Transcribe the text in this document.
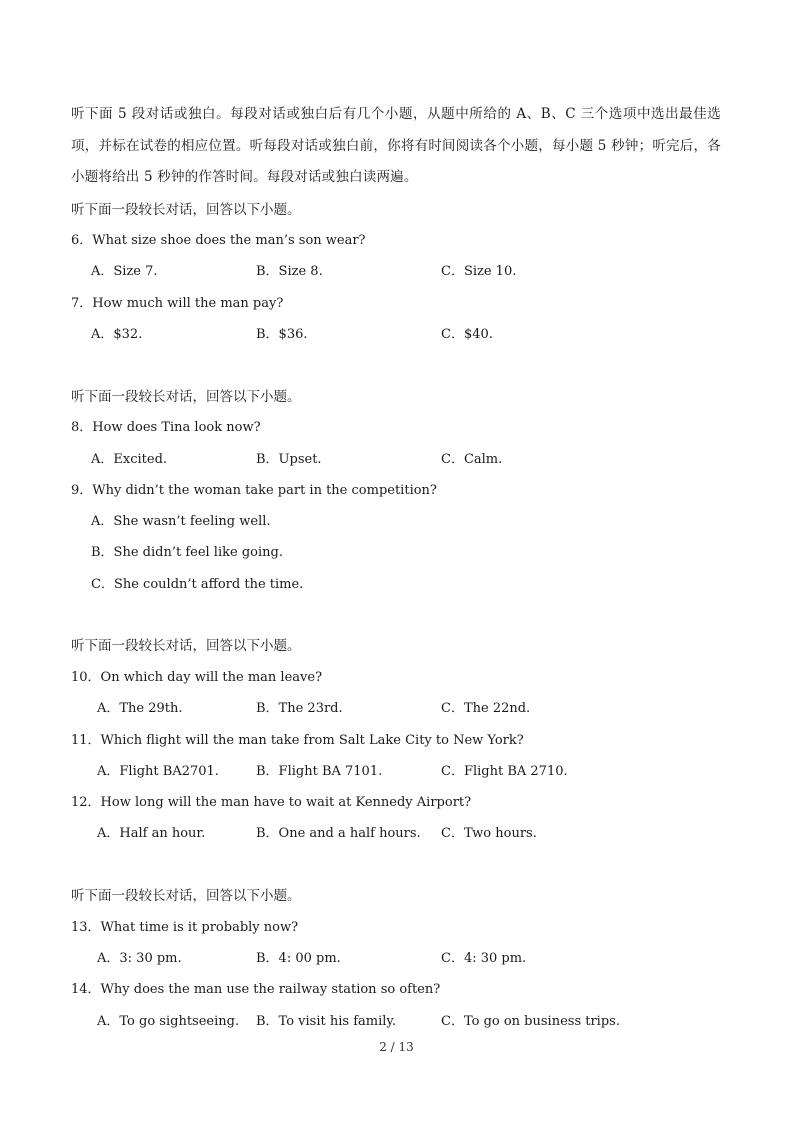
听下面 5 段对话或独白。每段对话或独白后有几个小题，从题中所给的 A、B、C 三个选项中选出最佳选项，并标在试卷的相应位置。听每段对话或独白前，你将有时间阅读各个小题，每小题 5 秒钟；听完后，各小题将给出 5 秒钟的作答时间。每段对话或独白读两遍。
听下面一段较长对话，回答以下小题。
6．What size shoe does the man’s son wear?
A．Size 7.	B．Size 8.	C．Size 10.
7．How much will the man pay?
A．$32.	B．$36.	C．$40.
听下面一段较长对话，回答以下小题。
8．How does Tina look now?
A．Excited.	B．Upset.	C．Calm.
9．Why didn’t the woman take part in the competition?
A．She wasn’t feeling well.
B．She didn’t feel like going.
C．She couldn’t afford the time.
听下面一段较长对话，回答以下小题。
10．On which day will the man leave?
A．The 29th.	B．The 23rd.	C．The 22nd.
11．Which flight will the man take from Salt Lake City to New York?
A．Flight BA2701.	B．Flight BA 7101.	C．Flight BA 2710.
12．How long will the man have to wait at Kennedy Airport?
A．Half an hour.	B．One and a half hours. C．Two hours.
听下面一段较长对话，回答以下小题。
13．What time is it probably now?
A．3: 30 pm.	B．4: 00 pm.	C．4: 30 pm.
14．Why does the man use the railway station so often?
A．To go sightseeing. B．To visit his family.	C．To go on business trips.
2 / 13
